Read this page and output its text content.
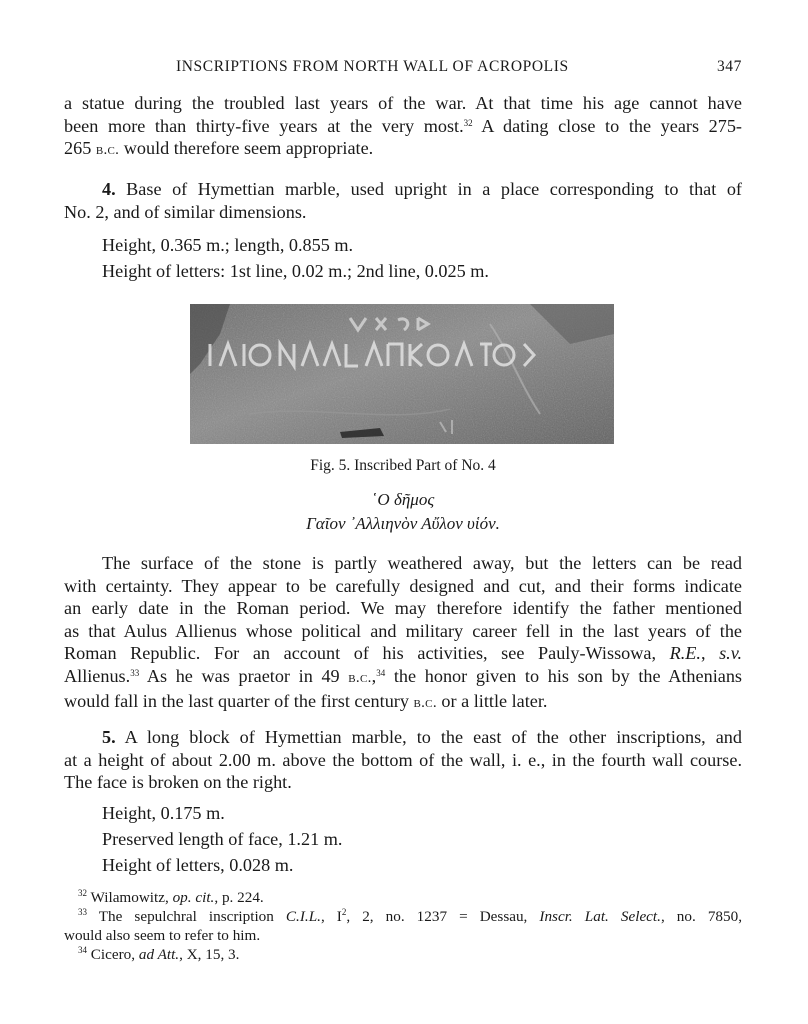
INSCRIPTIONS FROM NORTH WALL OF ACROPOLIS	347
a statue during the troubled last years of the war. At that time his age cannot have
been more than thirty-five years at the very most.$^{32}$ A dating close to the years 275-
265 b.c. would therefore seem appropriate.
4. Base of Hymettian marble, used upright in a place corresponding to that of
No. 2, and of similar dimensions.
Height, 0.365 m.; length, 0.855 m.
Height of letters: 1st line, 0.02 m.; 2nd line, 0.025 m.
Fig. 5. Inscribed Part of No. 4
῾Ο δῆμος
Γαῖον ᾿Αλλιηνὸν Αὔλον υἱόν.
The surface of the stone is partly weathered away, but the letters can be read
with certainty. They appear to be carefully designed and cut, and their forms indicate
an early date in the Roman period. We may therefore identify the father mentioned
as that Aulus Allienus whose political and military career fell in the last years of the
Roman Republic. For an account of his activities, see Pauly-Wissowa, R.E., s.v.
Allienus.$^{33}$ As he was praetor in 49 b.c.,$^{34}$ the honor given to his son by the Athenians
would fall in the last quarter of the first century b.c. or a little later.
5. A long block of Hymettian marble, to the east of the other inscriptions, and
at a height of about 2.00 m. above the bottom of the wall, i. e., in the fourth wall course.
The face is broken on the right.
Height, 0.175 m.
Preserved length of face, 1.21 m.
Height of letters, 0.028 m.
$^{32}$ Wilamowitz, op. cit., p. 224.
$^{33}$ The sepulchral inscription C.I.L., $I^2$, 2, no. 1237 = Dessau, Inscr. Lat. Select., no. 7850,
would also seem to refer to him.
$^{34}$ Cicero, ad Att., X, 15, 3.
